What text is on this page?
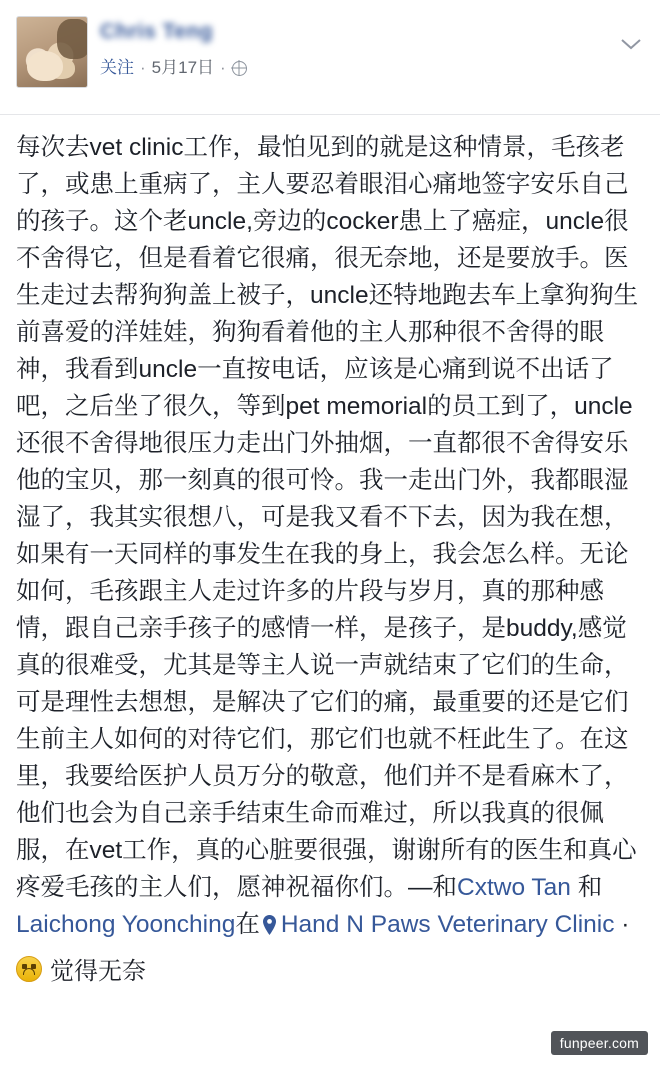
Chris Teng
关注 · 5月17日 ·
每次去vet clinic工作，最怕见到的就是这种情景，毛孩老了，或患上重病了，主人要忍着眼泪心痛地签字安乐自己的孩子。这个老uncle,旁边的cocker患上了癌症，uncle很不舍得它，但是看着它很痛，很无奈地，还是要放手。医生走过去帮狗狗盖上被子，uncle还特地跑去车上拿狗狗生前喜爱的洋娃娃，狗狗看着他的主人那种很不舍得的眼神，我看到uncle一直按电话，应该是心痛到说不出话了吧，之后坐了很久，等到pet memorial的员工到了，uncle还很不舍得地很压力走出门外抽烟，一直都很不舍得安乐他的宝贝，那一刻真的很可怜。我一走出门外，我都眼湿湿了，我其实很想八，可是我又看不下去，因为我在想，如果有一天同样的事发生在我的身上，我会怎么样。无论如何，毛孩跟主人走过许多的片段与岁月，真的那种感情，跟自己亲手孩子的感情一样，是孩子，是buddy,感觉真的很难受，尤其是等主人说一声就结束了它们的生命，可是理性去想想，是解决了它们的痛，最重要的还是它们生前主人如何的对待它们，那它们也就不枉此生了。在这里，我要给医护人员万分的敬意，他们并不是看麻木了，他们也会为自己亲手结束生命而难过，所以我真的很佩服，在vet工作，真的心脏要很强，谢谢所有的医生和真心疼爱毛孩的主人们，愿神祝福你们。—和Cxtwo Tan 和Laichong Yoonching在 Hand N Paws Veterinary Clinic ·
觉得无奈
funpeer.com
